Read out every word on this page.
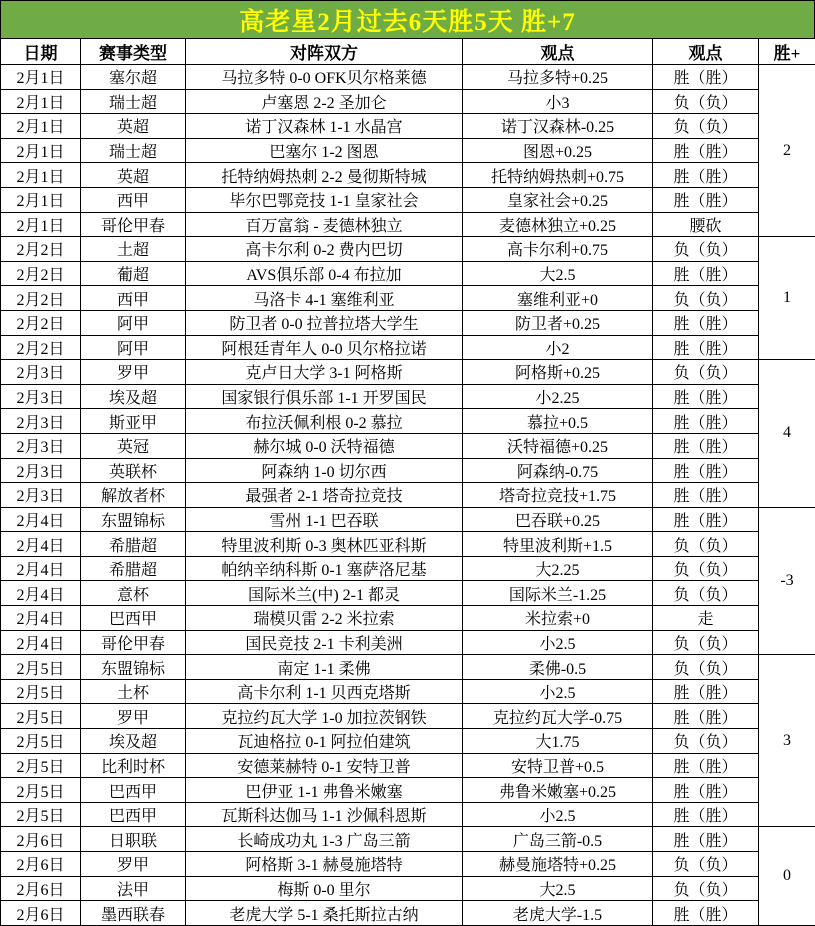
高老星2月过去6天胜5天 胜+7
日期	赛事类型	对阵双方	观点	观点	胜+
2月1日	塞尔超	马拉多特 0-0 OFK贝尔格莱德	马拉多特+0.25	胜（胜）	2
2月1日	瑞士超	卢塞恩 2-2 圣加仑	小3	负（负）	
2月1日	英超	诺丁汉森林 1-1 水晶宫	诺丁汉森林-0.25	负（负）	
2月1日	瑞士超	巴塞尔 1-2 图恩	图恩+0.25	胜（胜）	
2月1日	英超	托特纳姆热刺 2-2 曼彻斯特城	托特纳姆热刺+0.75	胜（胜）	
2月1日	西甲	毕尔巴鄂竞技 1-1 皇家社会	皇家社会+0.25	胜（胜）	
2月1日	哥伦甲春	百万富翁 - 麦德林独立	麦德林独立+0.25	腰砍	
2月2日	土超	高卡尔利 0-2 费内巴切	高卡尔利+0.75	负（负）	1
2月2日	葡超	AVS俱乐部 0-4 布拉加	大2.5	胜（胜）	
2月2日	西甲	马洛卡 4-1 塞维利亚	塞维利亚+0	负（负）	
2月2日	阿甲	防卫者 0-0 拉普拉塔大学生	防卫者+0.25	胜（胜）	
2月2日	阿甲	阿根廷青年人 0-0 贝尔格拉诺	小2	胜（胜）	
2月3日	罗甲	克卢日大学 3-1 阿格斯	阿格斯+0.25	负（负）	4
2月3日	埃及超	国家银行俱乐部 1-1 开罗国民	小2.25	胜（胜）	
2月3日	斯亚甲	布拉沃佩利根 0-2 慕拉	慕拉+0.5	胜（胜）	
2月3日	英冠	赫尔城 0-0 沃特福德	沃特福德+0.25	胜（胜）	
2月3日	英联杯	阿森纳 1-0 切尔西	阿森纳-0.75	胜（胜）	
2月3日	解放者杯	最强者 2-1 塔奇拉竞技	塔奇拉竞技+1.75	胜（胜）	
2月4日	东盟锦标	雪州 1-1 巴吞联	巴吞联+0.25	胜（胜）	-3
2月4日	希腊超	特里波利斯 0-3 奥林匹亚科斯	特里波利斯+1.5	负（负）	
2月4日	希腊超	帕纳辛纳科斯 0-1 塞萨洛尼基	大2.25	负（负）	
2月4日	意杯	国际米兰(中) 2-1 都灵	国际米兰-1.25	负（负）	
2月4日	巴西甲	瑞模贝雷 2-2 米拉索	米拉索+0	走	
2月4日	哥伦甲春	国民竞技 2-1 卡利美洲	小2.5	负（负）	
2月5日	东盟锦标	南定 1-1 柔佛	柔佛-0.5	负（负）	3
2月5日	土杯	高卡尔利 1-1 贝西克塔斯	小2.5	胜（胜）	
2月5日	罗甲	克拉约瓦大学 1-0 加拉茨钢铁	克拉约瓦大学-0.75	胜（胜）	
2月5日	埃及超	瓦迪格拉 0-1 阿拉伯建筑	大1.75	负（负）	
2月5日	比利时杯	安德莱赫特 0-1 安特卫普	安特卫普+0.5	胜（胜）	
2月5日	巴西甲	巴伊亚 1-1 弗鲁米嫩塞	弗鲁米嫩塞+0.25	胜（胜）	
2月5日	巴西甲	瓦斯科达伽马 1-1 沙佩科恩斯	小2.5	胜（胜）	
2月6日	日职联	长崎成功丸 1-3 广岛三箭	广岛三箭-0.5	胜（胜）	0
2月6日	罗甲	阿格斯 3-1 赫曼施塔特	赫曼施塔特+0.25	负（负）	
2月6日	法甲	梅斯 0-0 里尔	大2.5	负（负）	
2月6日	墨西联春	老虎大学 5-1 桑托斯拉古纳	老虎大学-1.5	胜（胜）	
